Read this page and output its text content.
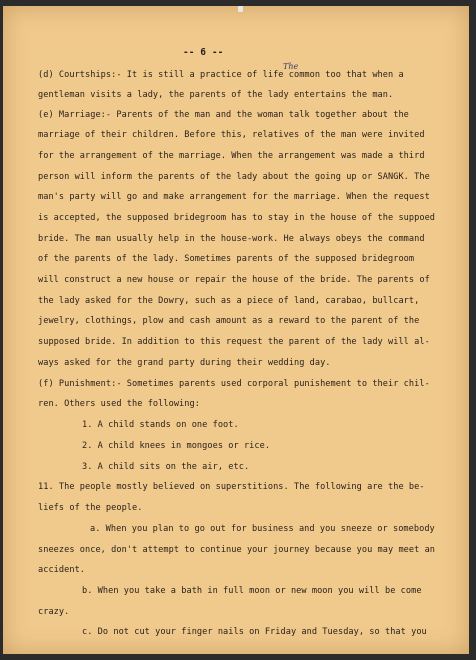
-- 6 --
The
(d) Courtships:- It is still a practice of life common too that when a
gentleman visits a lady, the parents of the lady entertains the man.
(e) Marriage:- Parents of the man and the woman talk together about the
marriage of their children. Before this, relatives of the man were invited
for the arrangement of the marriage. When the arrangement was made a third
person will inform the parents of the lady about the going up or SANGK. The
man's party will go and make arrangement for the marriage. When the request
is accepted, the supposed bridegroom has to stay in the house of the suppoed
bride. The man usually help in the house-work. He always obeys the command
of the parents of the lady. Sometimes parents of the supposed bridegroom
will construct a new house or repair the house of the bride. The parents of
the lady asked for the Dowry, such as a piece of land, carabao, bullcart,
jewelry, clothings, plow and cash amount as a reward to the parent of the
supposed bride. In addition to this request the parent of the lady will al-
ways asked for the grand party during their wedding day.
(f) Punishment:- Sometimes parents used corporal punishement to their chil-
ren. Others used the following:
1. A child stands on one foot.
2. A child knees in mongoes or rice.
3. A child sits on the air, etc.
11. The people mostly believed on superstitions. The following are the be-
liefs of the people.
a. When you plan to go out for business and you sneeze or somebody
sneezes once, don't attempt to continue your journey because you may meet an
accident.
b. When you take a bath in full moon or new moon you will be come
crazy.
c. Do not cut your finger nails on Friday and Tuesday, so that you
